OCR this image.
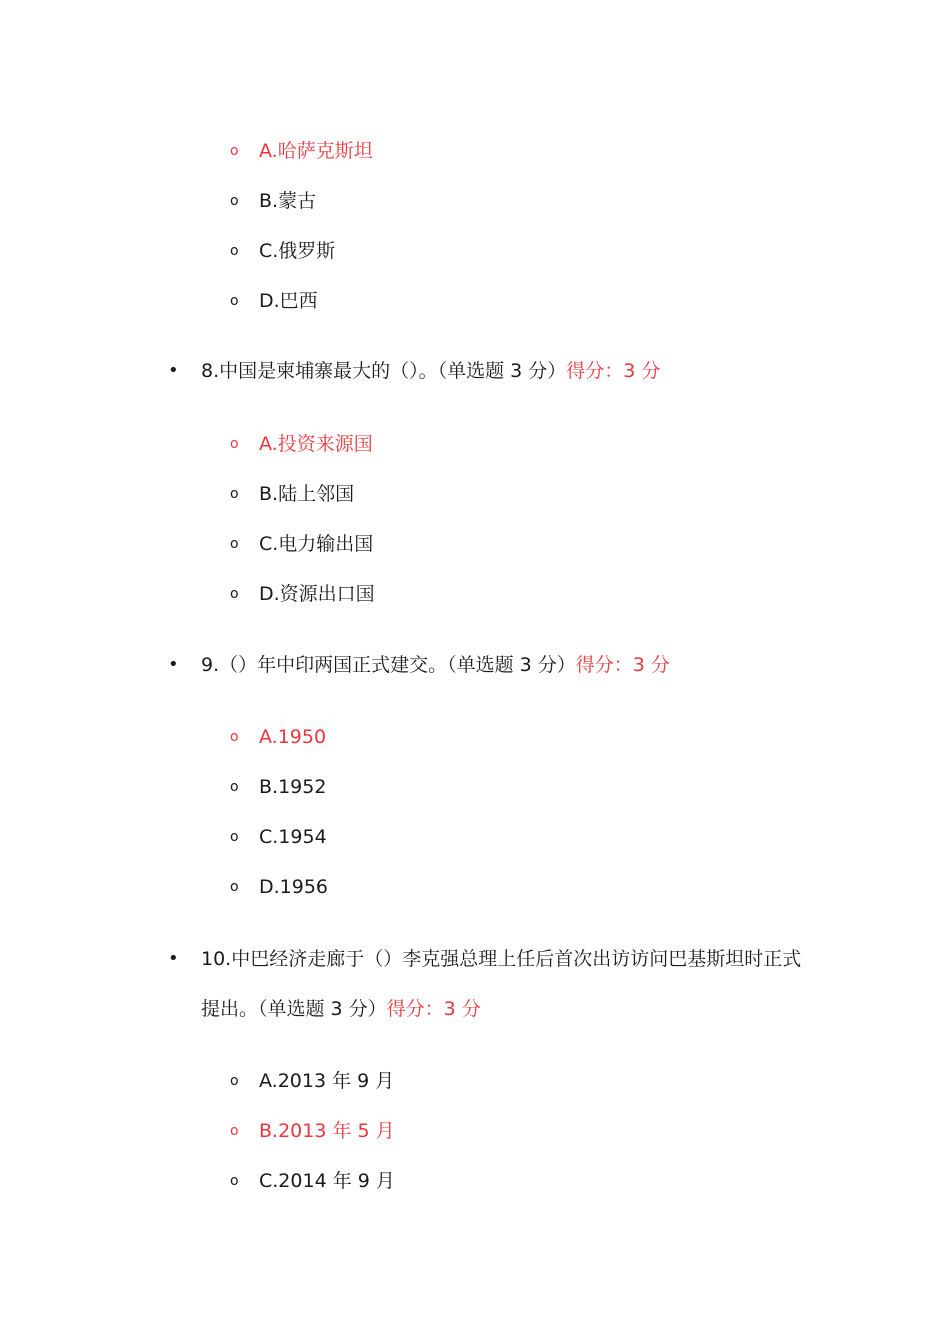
o A.哈萨克斯坦
o B.蒙古
o C.俄罗斯
o D.巴西
•	8.中国是柬埔寨最大的（）。（单选题 3 分）得分：3 分
o A.投资来源国
o B.陆上邻国
o C.电力输出国
o D.资源出口国
•	9.（）年中印两国正式建交。（单选题 3 分）得分：3 分
o A.1950
o B.1952
o C.1954
o D.1956
•	10.中巴经济走廊于（）李克强总理上任后首次出访访问巴基斯坦时正式提出。（单选题 3 分）得分：3 分
o A.2013 年 9 月
o B.2013 年 5 月
o C.2014 年 9 月
